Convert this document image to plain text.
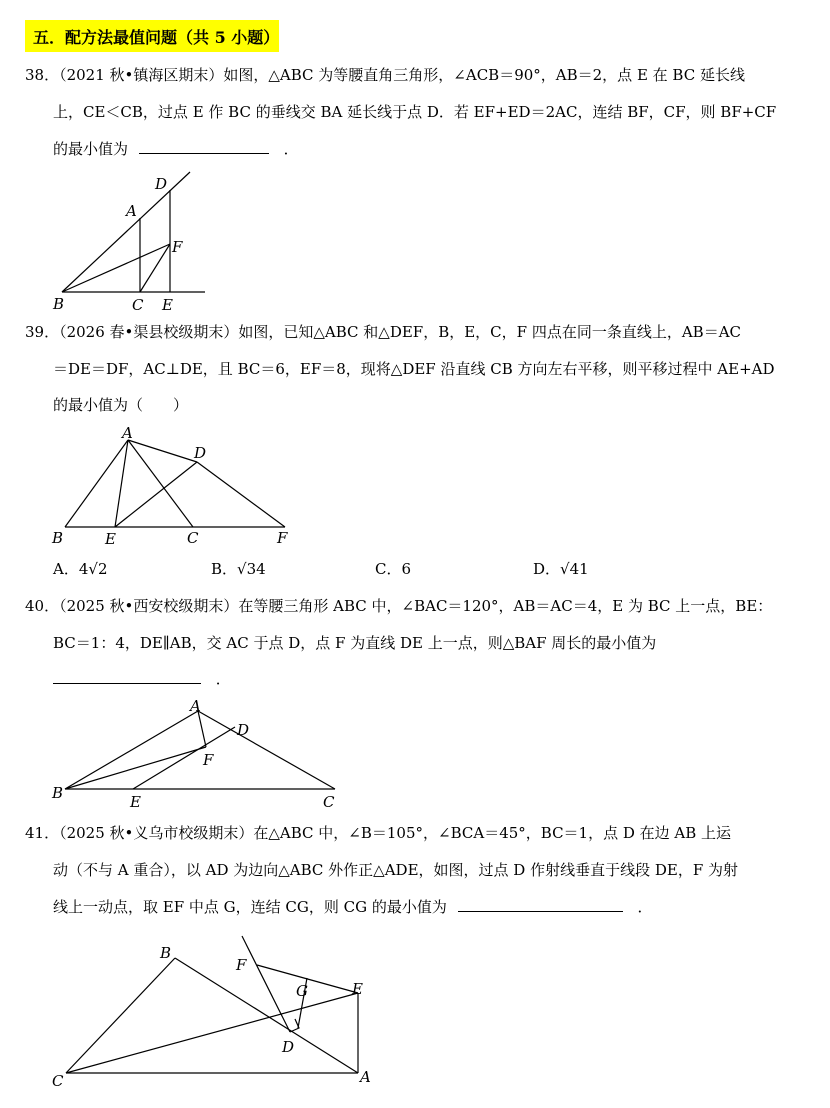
五．配方法最值问题（共 5 小题）
38．（2021 秋•镇海区期末）如图，△ABC 为等腰直角三角形，∠ACB＝90°，AB＝2，点 E 在 BC 延长线
上，CE＜CB，过点 E 作 BC 的垂线交 BA 延长线于点 D．若 EF+ED＝2AC，连结 BF，CF，则 BF+CF
的最小值为	．
D
A
F
B	C E
39．（2026 春•渠县校级期末）如图，已知△ABC 和△DEF，B，E，C，F 四点在同一条直线上，AB＝AC
＝DE＝DF，AC⊥DE，且 BC＝6，EF＝8，现将△DEF 沿直线 CB 方向左右平移，则平移过程中 AE+AD
的最小值为（　　）
A
D
B	E	C	F
A．4√2	B．√34	C．6	D．√41
40．（2025 秋•西安校级期末）在等腰三角形 ABC 中，∠BAC＝120°，AB＝AC＝4，E 为 BC 上一点，BE：
BC＝1：4，DE∥AB，交 AC 于点 D，点 F 为直线 DE 上一点，则△BAF 周长的最小值为
．
A
D
F
B	E	C
41．（2025 秋•义乌市校级期末）在△ABC 中，∠B＝105°，∠BCA＝45°，BC＝1，点 D 在边 AB 上运
动（不与 A 重合），以 AD 为边向△ABC 外作正△ADE，如图，过点 D 作射线垂直于线段 DE，F 为射
线上一动点，取 EF 中点 G，连结 CG，则 CG 的最小值为	．
B
F
G	E
D
C	A
